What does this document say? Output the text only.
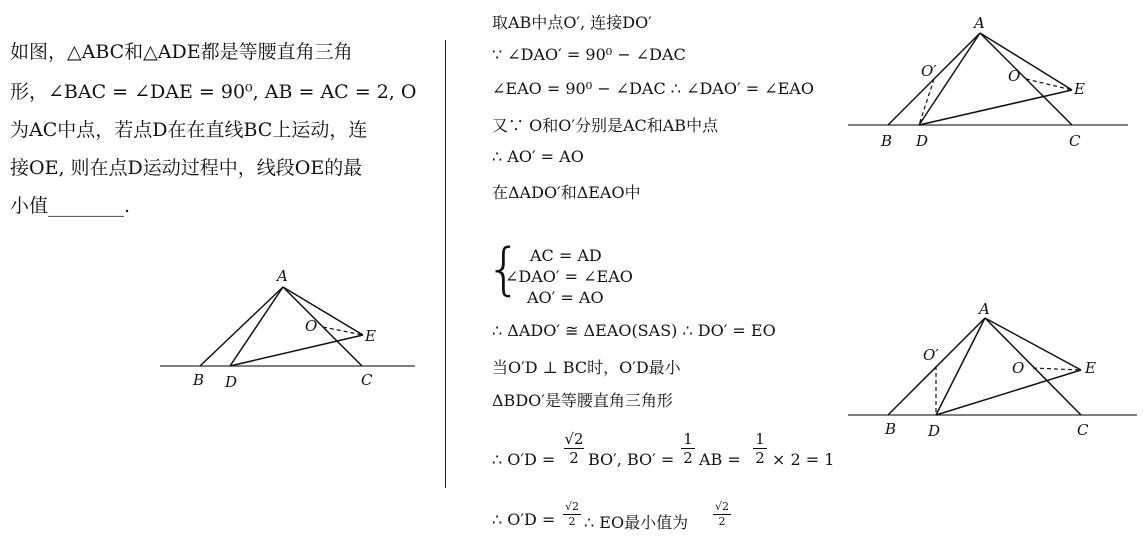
如图，△ABC和△ADE都是等腰直角三角
形，∠BAC = ∠DAE = 90⁰, AB = AC = 2, O
为AC中点，若点D在在直线BC上运动，连
接OE, 则在点D运动过程中，线段OE的最
小值________.
A
B D	C
E
O
取AB中点O′, 连接DO′
∵ ∠DAO′ = 90⁰ − ∠DAC
∠EAO = 90⁰ − ∠DAC ∴ ∠DAO′ = ∠EAO
又∵ O和O′分别是AC和AB中点
∴ AO′ = AO
在ΔADO′和ΔEAO中
{ AC = AD
∠DAO′ = ∠EAO
AO′ = AO
∴ ΔADO′ ≅ ΔEAO(SAS) ∴ DO′ = EO
当O′D ⊥ BC时，O′D最小
ΔBDO′是等腰直角三角形
∴ $O'D = \frac{√2}{2} BO'$, $BO' = \frac{1}{2}$ AB = $\frac{1}{2} \times 2 = 1$
∴ $O'D = \frac{√2}{2}$ ∴ EO最小值为 $\frac{√2}{2}$
A
B D	C
E
O
O′
A
B D	C
E
O
O′
